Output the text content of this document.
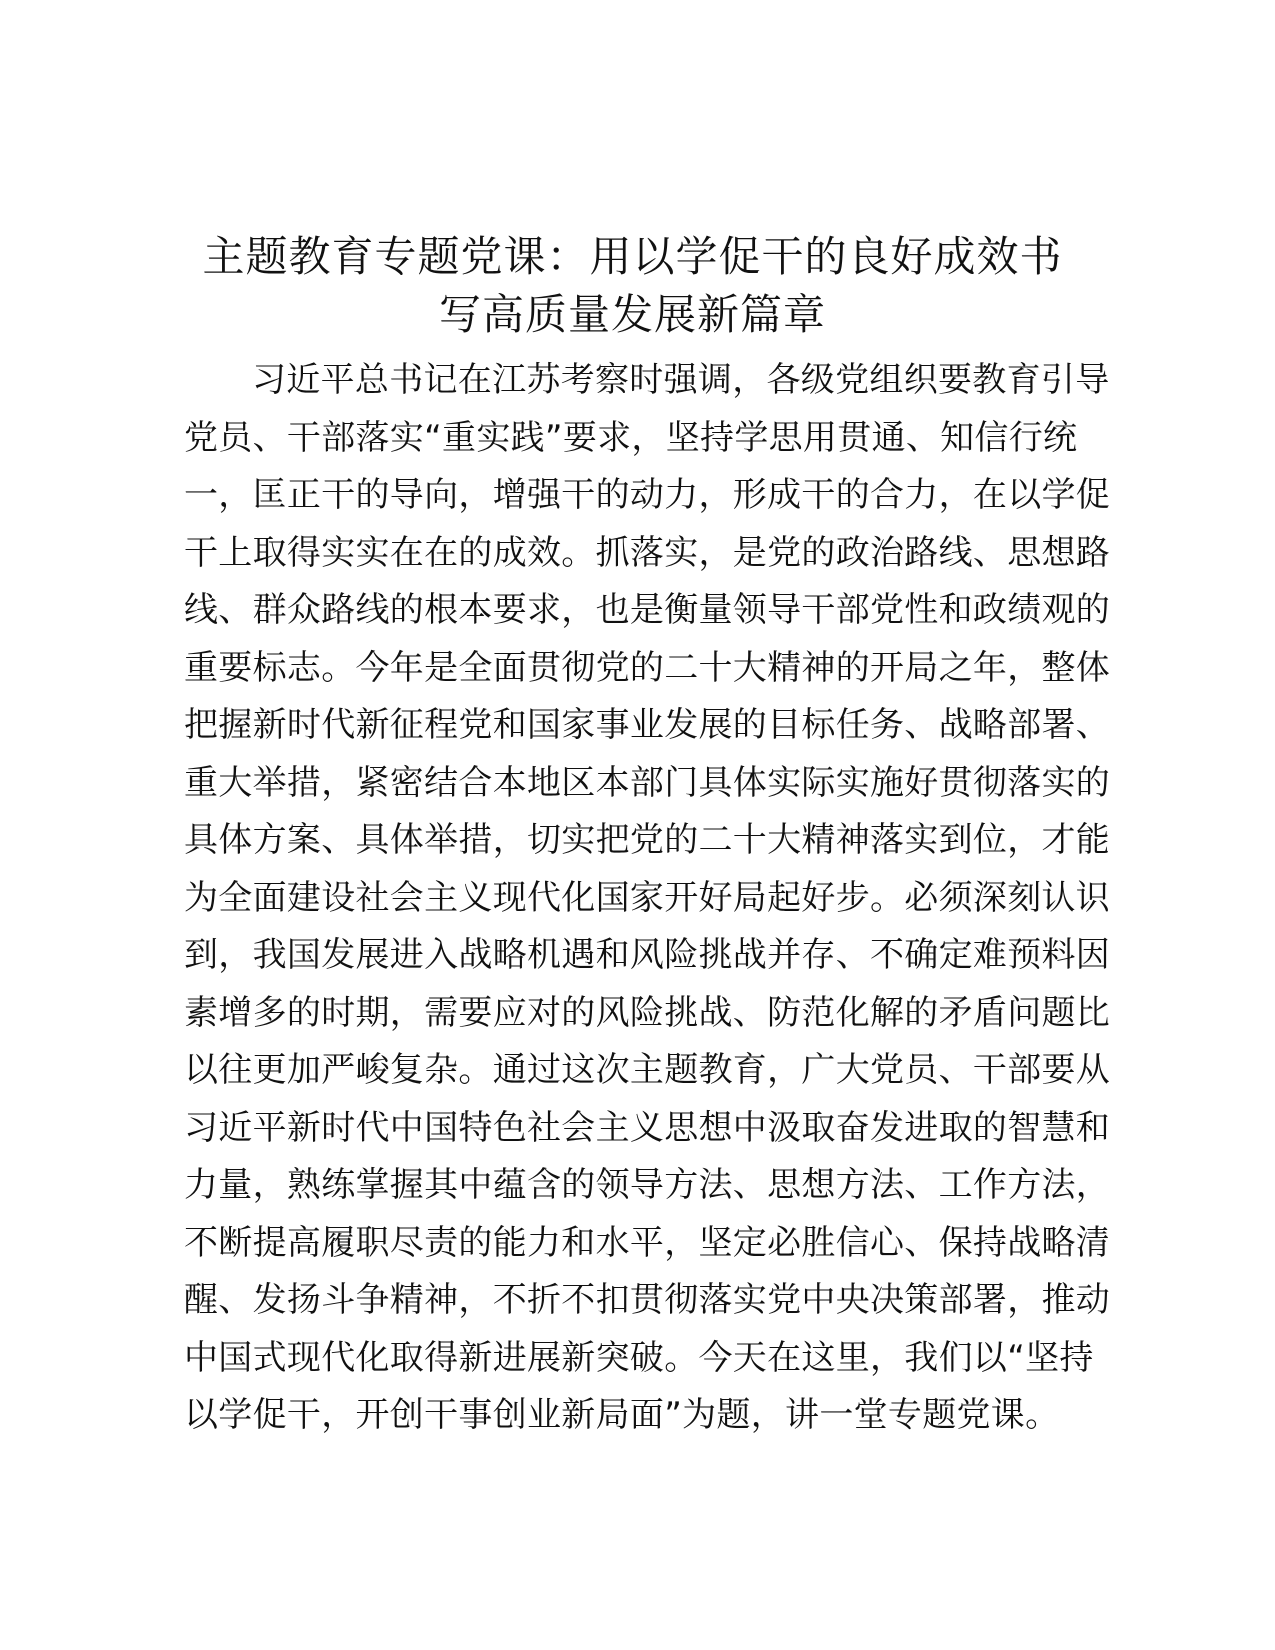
主题教育专题党课：用以学促干的良好成效书
写高质量发展新篇章
习近平总书记在江苏考察时强调，各级党组织要教育引导
党员、干部落实“重实践”要求，坚持学思用贯通、知信行统
一，匡正干的导向，增强干的动力，形成干的合力，在以学促
干上取得实实在在的成效。抓落实，是党的政治路线、思想路
线、群众路线的根本要求，也是衡量领导干部党性和政绩观的
重要标志。今年是全面贯彻党的二十大精神的开局之年，整体
把握新时代新征程党和国家事业发展的目标任务、战略部署、
重大举措，紧密结合本地区本部门具体实际实施好贯彻落实的
具体方案、具体举措，切实把党的二十大精神落实到位，才能
为全面建设社会主义现代化国家开好局起好步。必须深刻认识
到，我国发展进入战略机遇和风险挑战并存、不确定难预料因
素增多的时期，需要应对的风险挑战、防范化解的矛盾问题比
以往更加严峻复杂。通过这次主题教育，广大党员、干部要从
习近平新时代中国特色社会主义思想中汲取奋发进取的智慧和
力量，熟练掌握其中蕴含的领导方法、思想方法、工作方法，
不断提高履职尽责的能力和水平，坚定必胜信心、保持战略清
醒、发扬斗争精神，不折不扣贯彻落实党中央决策部署，推动
中国式现代化取得新进展新突破。今天在这里，我们以“坚持
以学促干，开创干事创业新局面”为题，讲一堂专题党课。
